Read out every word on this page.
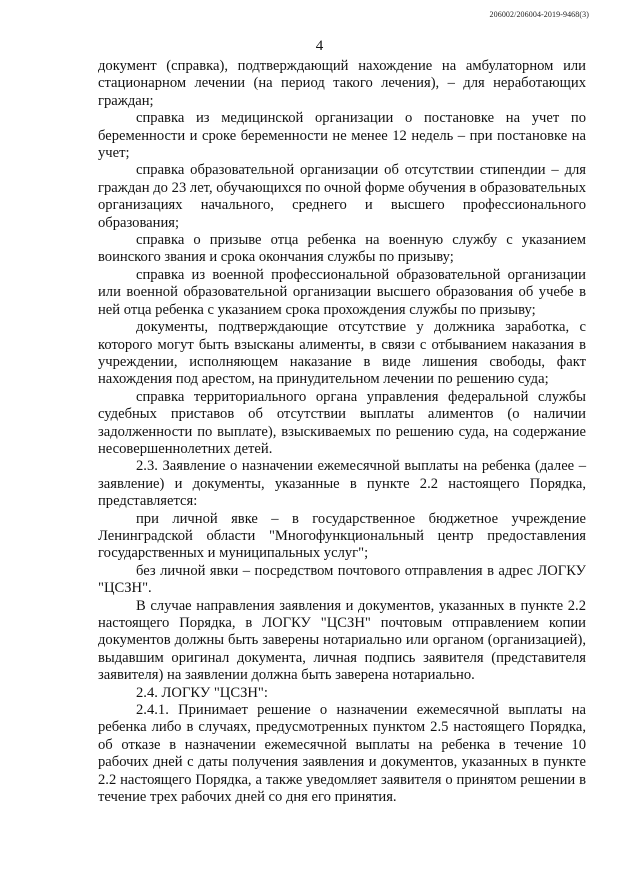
206002/206004-2019-9468(3)
4

документ (справка), подтверждающий нахождение на амбулаторном или стационарном лечении (на период такого лечения), – для неработающих граждан;

справка из медицинской организации о постановке на учет по беременности и сроке беременности не менее 12 недель – при постановке на учет;

справка образовательной организации об отсутствии стипендии – для граждан до 23 лет, обучающихся по очной форме обучения в образовательных организациях начального, среднего и высшего профессионального образования;

справка о призыве отца ребенка на военную службу с указанием воинского звания и срока окончания службы по призыву;

справка из военной профессиональной образовательной организации или военной образовательной организации высшего образования об учебе в ней отца ребенка с указанием срока прохождения службы по призыву;

документы, подтверждающие отсутствие у должника заработка, с которого могут быть взысканы алименты, в связи с отбыванием наказания в учреждении, исполняющем наказание в виде лишения свободы, факт нахождения под арестом, на принудительном лечении по решению суда;

справка территориального органа управления федеральной службы судебных приставов об отсутствии выплаты алиментов (о наличии задолженности по выплате), взыскиваемых по решению суда, на содержание несовершеннолетних детей.

2.3. Заявление о назначении ежемесячной выплаты на ребенка (далее – заявление) и документы, указанные в пункте 2.2 настоящего Порядка, представляется:

при личной явке – в государственное бюджетное учреждение Ленинградской области "Многофункциональный центр предоставления государственных и муниципальных услуг";

без личной явки – посредством почтового отправления в адрес ЛОГКУ "ЦСЗН".

В случае направления заявления и документов, указанных в пункте 2.2 настоящего Порядка, в ЛОГКУ "ЦСЗН" почтовым отправлением копии документов должны быть заверены нотариально или органом (организацией), выдавшим оригинал документа, личная подпись заявителя (представителя заявителя) на заявлении должна быть заверена нотариально.

2.4. ЛОГКУ "ЦСЗН":

2.4.1. Принимает решение о назначении ежемесячной выплаты на ребенка либо в случаях, предусмотренных пунктом 2.5 настоящего Порядка, об отказе в назначении ежемесячной выплаты на ребенка в течение 10 рабочих дней с даты получения заявления и документов, указанных в пункте 2.2 настоящего Порядка, а также уведомляет заявителя о принятом решении в течение трех рабочих дней со дня его принятия.
